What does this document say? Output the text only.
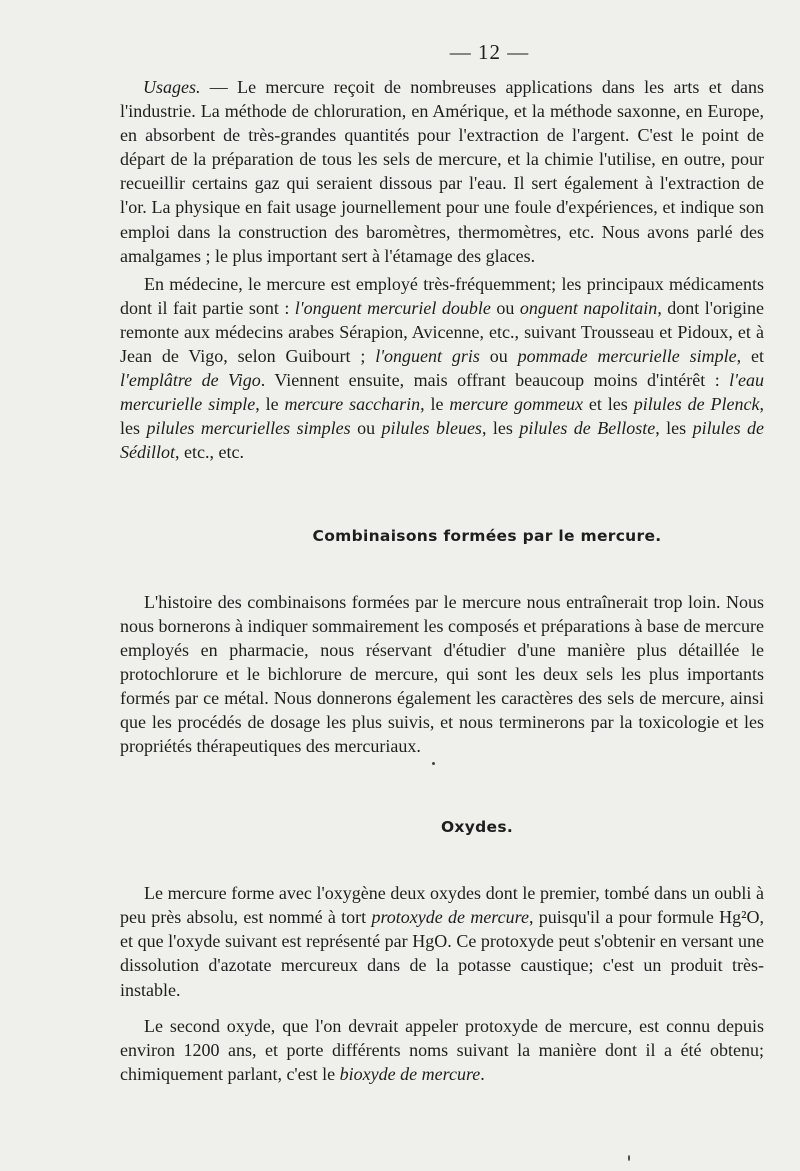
— 12 —

Usages. — Le mercure reçoit de nombreuses applications dans les arts et dans l'industrie. La méthode de chloruration, en Amérique, et la méthode saxonne, en Europe, en absorbent de très-grandes quantités pour l'extraction de l'argent. C'est le point de départ de la préparation de tous les sels de mercure, et la chimie l'utilise, en outre, pour recueillir certains gaz qui seraient dissous par l'eau. Il sert également à l'extraction de l'or. La physique en fait usage journellement pour une foule d'expériences, et indique son emploi dans la construction des baromètres, thermomètres, etc. Nous avons parlé des amalgames ; le plus important sert à l'étamage des glaces.

En médecine, le mercure est employé très-fréquemment; les principaux médicaments dont il fait partie sont : l'onguent mercuriel double ou onguent napolitain, dont l'origine remonte aux médecins arabes Sérapion, Avicenne, etc., suivant Trousseau et Pidoux, et à Jean de Vigo, selon Guibourt ; l'onguent gris ou pommade mercurielle simple, et l'emplâtre de Vigo. Viennent ensuite, mais offrant beaucoup moins d'intérêt : l'eau mercurielle simple, le mercure saccharin, le mercure gommeux et les pilules de Plenck, les pilules mercurielles simples ou pilules bleues, les pilules de Belloste, les pilules de Sédillot, etc., etc.

Combinaisons formées par le mercure.

L'histoire des combinaisons formées par le mercure nous entraînerait trop loin. Nous nous bornerons à indiquer sommairement les composés et préparations à base de mercure employés en pharmacie, nous réservant d'étudier d'une manière plus détaillée le protochlorure et le bichlorure de mercure, qui sont les deux sels les plus importants formés par ce métal. Nous donnerons également les caractères des sels de mercure, ainsi que les procédés de dosage les plus suivis, et nous terminerons par la toxicologie et les propriétés thérapeutiques des mercuriaux.

Oxydes.

Le mercure forme avec l'oxygène deux oxydes dont le premier, tombé dans un oubli à peu près absolu, est nommé à tort protoxyde de mercure, puisqu'il a pour formule Hg²O, et que l'oxyde suivant est représenté par HgO. Ce protoxyde peut s'obtenir en versant une dissolution d'azotate mercureux dans de la potasse caustique; c'est un produit très-instable.

Le second oxyde, que l'on devrait appeler protoxyde de mercure, est connu depuis environ 1200 ans, et porte différents noms suivant la manière dont il a été obtenu; chimiquement parlant, c'est le bioxyde de mercure.
